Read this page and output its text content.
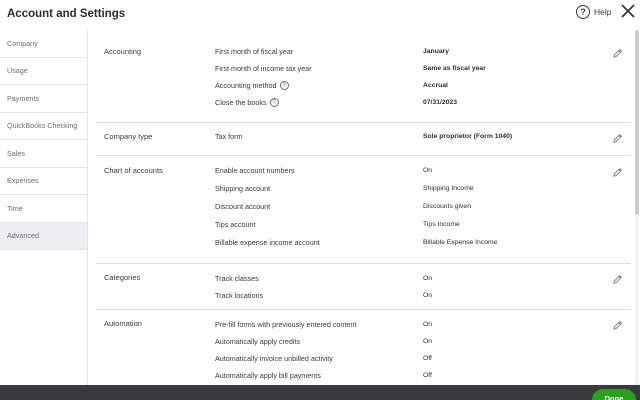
Account and Settings	? Help
Company
Usage
Payments
QuickBooks Checking
Sales
Expenses
Time
Advanced
Accounting	First month of fiscal year	January
First month of income tax year	Same as fiscal year
Accounting method ?	Accrual
Close the books ?	07/31/2023
Company type	Tax form	Sole proprietor (Form 1040)
Chart of accounts	Enable account numbers	On
Shipping account	Shipping Income
Discount account	Discounts given
Tips account	Tips Income
Billable expense income account	Billable Expense Income
Categories	Track classes	On
Track locations	On
Automation	Pre-fill forms with previously entered content	On
Automatically apply credits	On
Automatically invoice unbilled activity	Off
Automatically apply bill payments	Off
Done
